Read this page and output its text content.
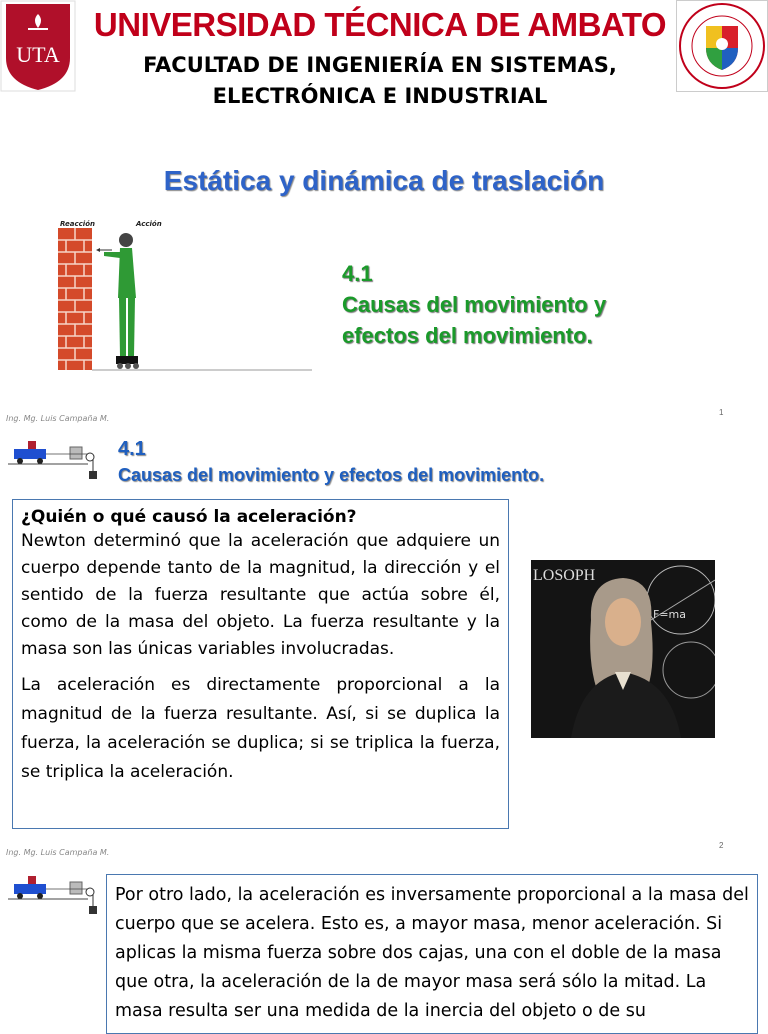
UTA
UNIVERSIDAD TÉCNICA DE AMBATO
FACULTAD DE INGENIERÍA EN SISTEMAS,
ELECTRÓNICA E INDUSTRIAL
Estática y dinámica de traslación
Reacción	Acción
4.1
Causas del movimiento y
efectos del movimiento.
Ing. Mg. Luis Campaña M.
1
4.1
Causas del movimiento y efectos del movimiento.

¿Quién o qué causó la aceleración?

Newton determinó que la aceleración que adquiere un cuerpo depende tanto de la magnitud, la dirección y el sentido de la fuerza resultante que actúa sobre él, como de la masa del objeto. La fuerza resultante y la masa son las únicas variables involucradas.

La aceleración es directamente proporcional a la magnitud de la fuerza resultante. Así, si se duplica la fuerza, la aceleración se duplica; si se triplica la fuerza, se triplica la aceleración.

LOSOPH
F=ma
Ing. Mg. Luis Campaña M.
2

Por otro lado, la aceleración es inversamente proporcional a la masa del cuerpo que se acelera. Esto es, a mayor masa, menor aceleración. Si aplicas la misma fuerza sobre dos cajas, una con el doble de la masa que otra, la aceleración de la de mayor masa será sólo la mitad. La masa resulta ser una medida de la inercia del objeto o de su
